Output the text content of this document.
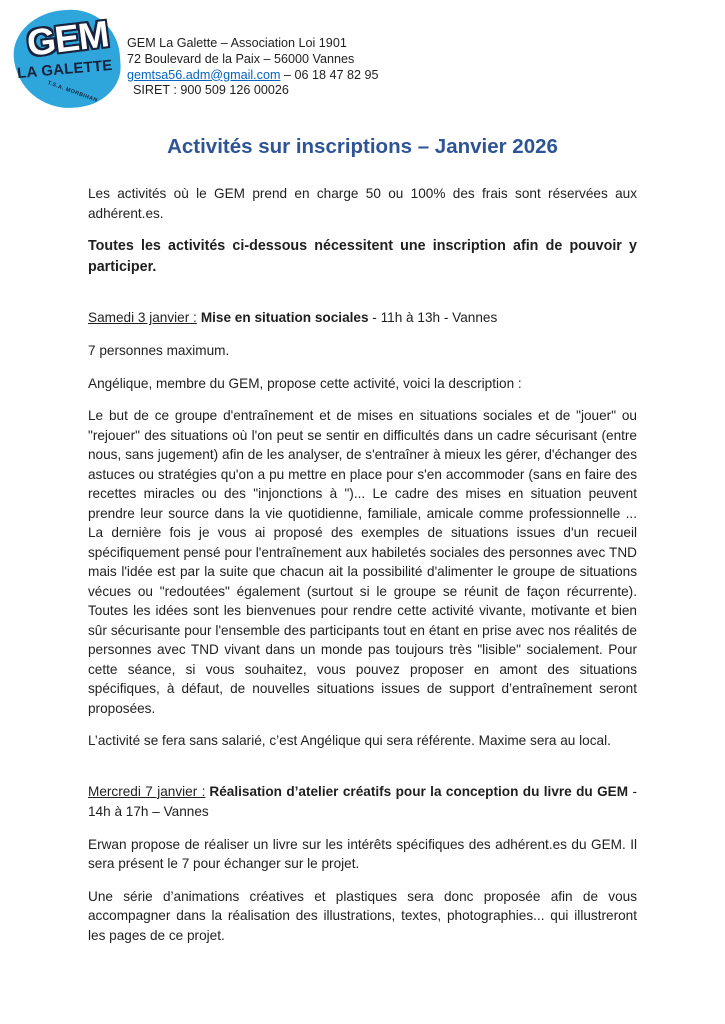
GEM
LA GALETTE
T.S.A. MORBIHAN
GEM La Galette – Association Loi 1901
72 Boulevard de la Paix – 56000 Vannes
gemtsa56.adm@gmail.com – 06 18 47 82 95
SIRET : 900 509 126 00026
Activités sur inscriptions – Janvier 2026

Les activités où le GEM prend en charge 50 ou 100% des frais sont réservées aux adhérent.es.

Toutes les activités ci-dessous nécessitent une inscription afin de pouvoir y participer.

Samedi 3 janvier : Mise en situation sociales - 11h à 13h - Vannes

7 personnes maximum.

Angélique, membre du GEM, propose cette activité, voici la description :

Le but de ce groupe d'entraînement et de mises en situations sociales et de "jouer" ou "rejouer" des situations où l'on peut se sentir en difficultés dans un cadre sécurisant (entre nous, sans jugement) afin de les analyser, de s'entraîner à mieux les gérer, d'échanger des astuces ou stratégies qu'on a pu mettre en place pour s'en accommoder (sans en faire des recettes miracles ou des "injonctions à ")... Le cadre des mises en situation peuvent prendre leur source dans la vie quotidienne, familiale, amicale comme professionnelle ... La dernière fois je vous ai proposé des exemples de situations issues d'un recueil spécifiquement pensé pour l'entraînement aux habiletés sociales des personnes avec TND mais l'idée est par la suite que chacun ait la possibilité d'alimenter le groupe de situations vécues ou "redoutées" également (surtout si le groupe se réunit de façon récurrente). Toutes les idées sont les bienvenues pour rendre cette activité vivante, motivante et bien sûr sécurisante pour l'ensemble des participants tout en étant en prise avec nos réalités de personnes avec TND vivant dans un monde pas toujours très "lisible" socialement. Pour cette séance, si vous souhaitez, vous pouvez proposer en amont des situations spécifiques, à défaut, de nouvelles situations issues de support d’entraînement seront proposées.

L’activité se fera sans salarié, c’est Angélique qui sera référente. Maxime sera au local.

Mercredi 7 janvier : Réalisation d’atelier créatifs pour la conception du livre du GEM - 14h à 17h – Vannes

Erwan propose de réaliser un livre sur les intérêts spécifiques des adhérent.es du GEM. Il sera présent le 7 pour échanger sur le projet.

Une série d’animations créatives et plastiques sera donc proposée afin de vous accompagner dans la réalisation des illustrations, textes, photographies... qui illustreront les pages de ce projet.
